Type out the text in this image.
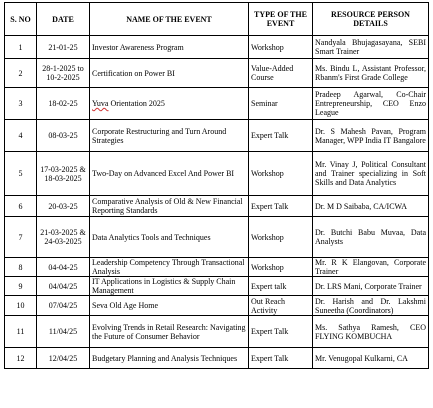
S. NO	DATE	NAME OF THE EVENT	TYPE OF THE EVENT	RESOURCE PERSON DETAILS
1	21-01-25	Investor Awareness Program	Workshop	Nandyala Bhujagasayana, SEBI Smart Trainer
2	28-1-2025 to 10-2-2025	Certification on Power BI	Value-Added Course	Ms. Bindu L, Assistant Professor, Rbanm's First Grade College
3	18-02-25	Yuva Orientation 2025	Seminar	Pradeep Agarwal, Co-Chair Entrepreneurship, CEO Enzo League
4	08-03-25	Corporate Restructuring and Turn Around Strategies	Expert Talk	Dr. S Mahesh Pavan, Program Manager, WPP India IT Bangalore
5	17-03-2025 & 18-03-2025	Two-Day on Advanced Excel And Power BI	Workshop	Mr. Vinay J, Political Consultant and Trainer specializing in Soft Skills and Data Analytics
6	20-03-25	Comparative Analysis of Old & New Financial Reporting Standards	Expert Talk	Dr. M D Saibaba, CA/ICWA
7	21-03-2025 & 24-03-2025	Data Analytics Tools and Techniques	Workshop	Dr. Butchi Babu Muvaa, Data Analysts
8	04-04-25	Leadership Competency Through Transactional Analysis	Workshop	Mr. R K Elangovan, Corporate Trainer
9	04/04/25	IT Applications in Logistics & Supply Chain Management	Expert talk	Dr. LRS Mani, Corporate Trainer
10	07/04/25	Seva Old Age Home	Out Reach Activity	Dr. Harish and Dr. Lakshmi Suneetha (Coordinators)
11	11/04/25	Evolving Trends in Retail Research: Navigating the Future of Consumer Behavior	Expert Talk	Ms. Sathya Ramesh, CEO FLYING KOMBUCHA
12	12/04/25	Budgetary Planning and Analysis Techniques	Expert Talk	Mr. Venugopal Kulkarni, CA
